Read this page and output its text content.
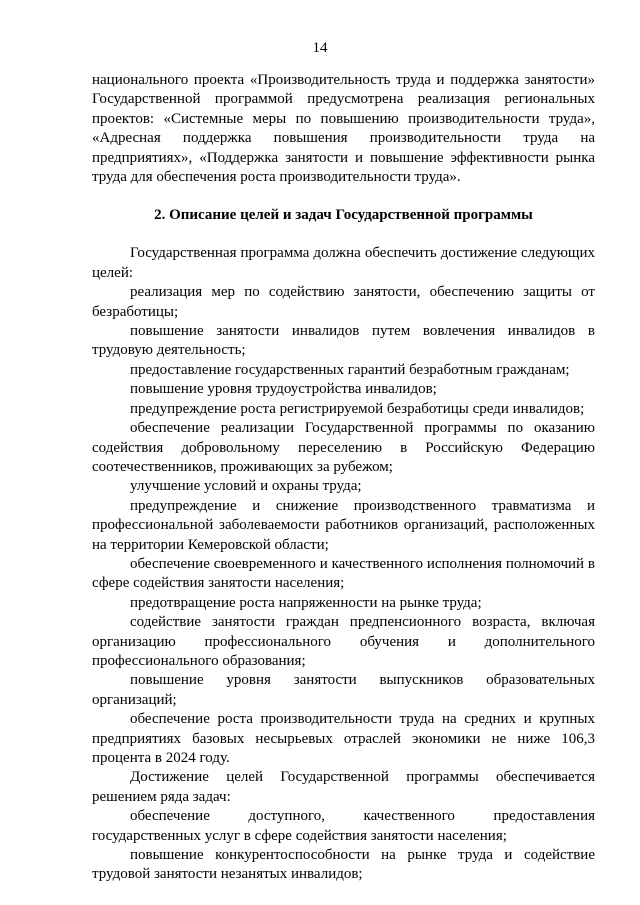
14

национального проекта «Производительность труда и поддержка занятости» Государственной программой предусмотрена реализация региональных проектов: «Системные меры по повышению производительности труда», «Адресная поддержка повышения производительности труда на предприятиях», «Поддержка занятости и повышение эффективности рынка труда для обеспечения роста производительности труда».

2. Описание целей и задач Государственной программы

Государственная программа должна обеспечить достижение следующих целей:

реализация мер по содействию занятости, обеспечению защиты от безработицы;

повышение занятости инвалидов путем вовлечения инвалидов в трудовую деятельность;

предоставление государственных гарантий безработным гражданам;

повышение уровня трудоустройства инвалидов;

предупреждение роста регистрируемой безработицы среди инвалидов;

обеспечение реализации Государственной программы по оказанию содействия добровольному переселению в Российскую Федерацию соотечественников, проживающих за рубежом;

улучшение условий и охраны труда;

предупреждение и снижение производственного травматизма и профессиональной заболеваемости работников организаций, расположенных на территории Кемеровской области;

обеспечение своевременного и качественного исполнения полномочий в сфере содействия занятости населения;

предотвращение роста напряженности на рынке труда;

содействие занятости граждан предпенсионного возраста, включая организацию профессионального обучения и дополнительного профессионального образования;

повышение уровня занятости выпускников образовательных организаций;

обеспечение роста производительности труда на средних и крупных предприятиях базовых несырьевых отраслей экономики не ниже 106,3 процента в 2024 году.

Достижение целей Государственной программы обеспечивается решением ряда задач:

обеспечение доступного, качественного предоставления государственных услуг в сфере содействия занятости населения;

повышение конкурентоспособности на рынке труда и содействие трудовой занятости незанятых инвалидов;
